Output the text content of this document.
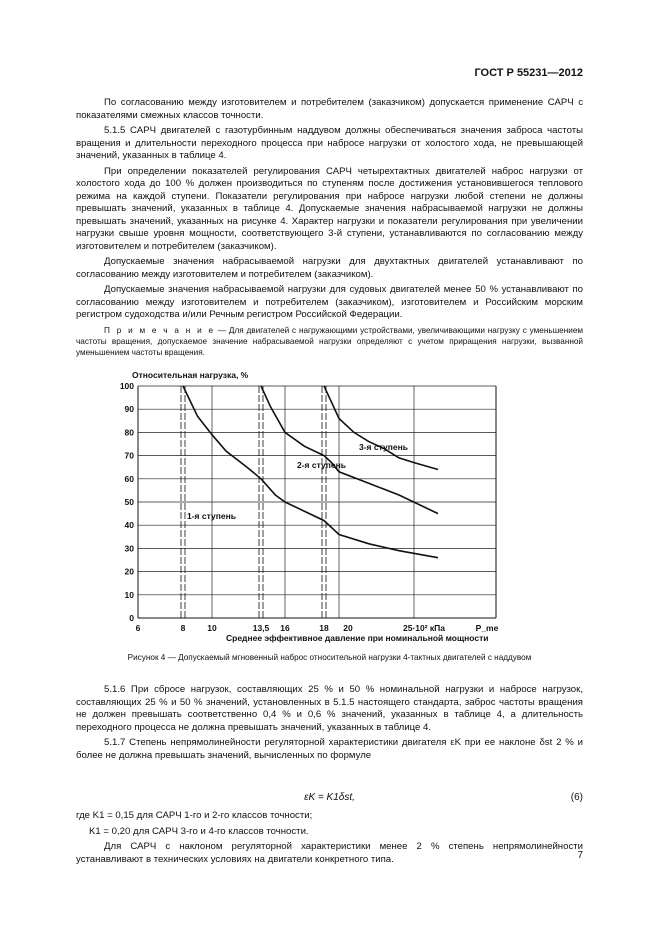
ГОСТ Р 55231—2012

По согласованию между изготовителем и потребителем (заказчиком) допускается применение САРЧ с показателями смежных классов точности.

5.1.5 САРЧ двигателей с газотурбинным наддувом должны обеспечиваться значения заброса частоты вращения и длительности переходного процесса при набросе нагрузки от холостого хода, не превышающей значений, указанных в таблице 4.

При определении показателей регулирования САРЧ четырехтактных двигателей наброс нагрузки от холостого хода до 100 % должен производиться по ступеням после достижения установившегося теплового режима на каждой ступени. Показатели регулирования при набросе нагрузки любой степени не должны превышать значений, указанных в таблице 4. Допускаемые значения набрасываемой нагрузки не должны превышать значений, указанных на рисунке 4. Характер нагрузки и показатели регулирования при увеличении нагрузки свыше уровня мощности, соответствующего 3-й ступени, устанавливаются по согласованию между изготовителем и потребителем (заказчиком).

Допускаемые значения набрасываемой нагрузки для двухтактных двигателей устанавливают по согласованию между изготовителем и потребителем (заказчиком).

Допускаемые значения набрасываемой нагрузки для судовых двигателей менее 50 % устанавливают по согласованию между изготовителем и потребителем (заказчиком), изготовителем и Российским морским регистром судоходства и/или Речным регистром Российской Федерации.

П р и м е ч а н и е — Для двигателей с нагружающими устройствами, увеличивающими нагрузку с уменьшением частоты вращения, допускаемое значение набрасываемой нагрузки определяют с учетом приращения нагрузки, вызванной уменьшением частоты вращения.

0
10
20
30
40
50
60
70
80
90
100
6	8	10	13,5 16	18 20	25·10² кПа	P_me
Относительная нагрузка, %
Среднее эффективное давление при номинальной мощности
1-я ступень
2-я ступень
3-я ступень
Рисунок 4 — Допускаемый мгновенный наброс относительной нагрузки 4-тактных двигателей с наддувом

5.1.6 При сбросе нагрузок, составляющих 25 % и 50 % номинальной нагрузки и набросе нагрузок, составляющих 25 % и 50 % значений, установленных в 5.1.5 настоящего стандарта, заброс частоты вращения не должен превышать соответственно 0,4 % и 0,6 % значений, указанных в таблице 4, а длительность переходного процесса не должна превышать значений, указанных в таблице 4.

5.1.7 Степень непрямолинейности регуляторной характеристики двигателя εK при ее наклоне δst 2 % и более не должна превышать значений, вычисленных по формуле

εK = K1δst,	(6)

где K1 = 0,15 для САРЧ 1-го и 2-го классов точности;

K1 = 0,20 для САРЧ 3-го и 4-го классов точности.

Для САРЧ с наклоном регуляторной характеристики менее 2 % степень непрямолинейности устанавливают в технических условиях на двигатели конкретного типа.	7
